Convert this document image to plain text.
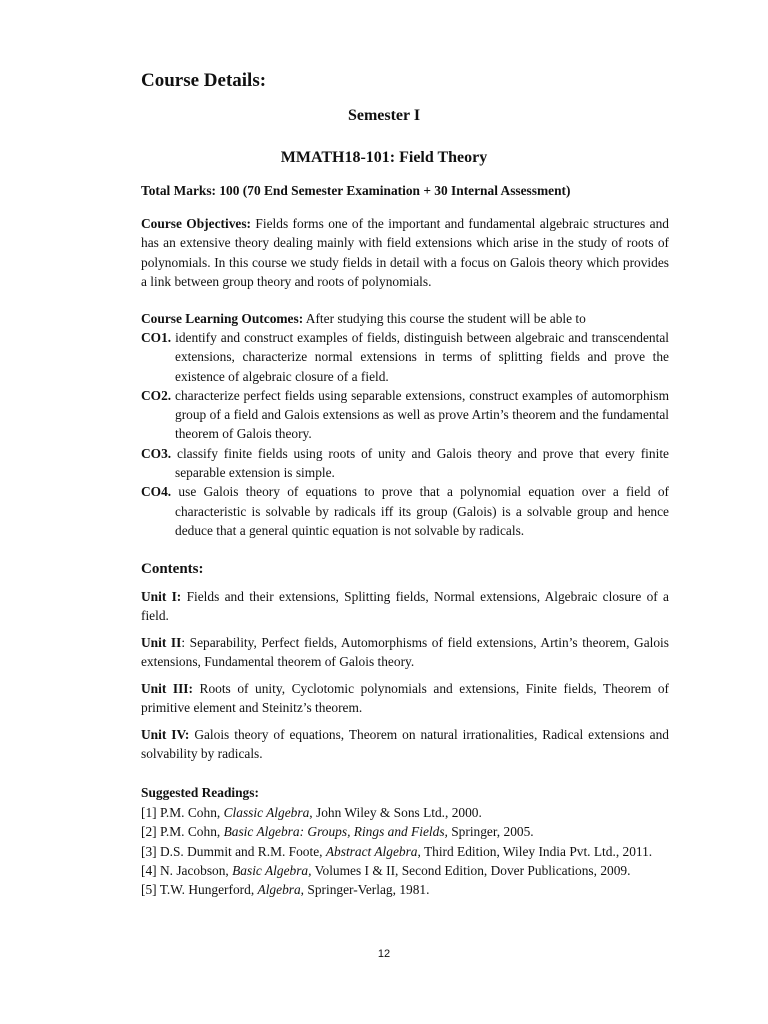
Course Details:
Semester I
MMATH18-101: Field Theory
Total Marks: 100 (70 End Semester Examination + 30 Internal Assessment)
Course Objectives: Fields forms one of the important and fundamental algebraic structures and has an extensive theory dealing mainly with field extensions which arise in the study of roots of polynomials. In this course we study fields in detail with a focus on Galois theory which provides a link between group theory and roots of polynomials.
Course Learning Outcomes: After studying this course the student will be able to
CO1. identify and construct examples of fields, distinguish between algebraic and transcendental extensions, characterize normal extensions in terms of splitting fields and prove the existence of algebraic closure of a field.
CO2. characterize perfect fields using separable extensions, construct examples of automorphism group of a field and Galois extensions as well as prove Artin’s theorem and the fundamental theorem of Galois theory.
CO3. classify finite fields using roots of unity and Galois theory and prove that every finite separable extension is simple.
CO4. use Galois theory of equations to prove that a polynomial equation over a field of characteristic is solvable by radicals iff its group (Galois) is a solvable group and hence deduce that a general quintic equation is not solvable by radicals.
Contents:
Unit I: Fields and their extensions, Splitting fields, Normal extensions, Algebraic closure of a field.
Unit II: Separability, Perfect fields, Automorphisms of field extensions, Artin’s theorem, Galois extensions, Fundamental theorem of Galois theory.
Unit III: Roots of unity, Cyclotomic polynomials and extensions, Finite fields, Theorem of primitive element and Steinitz’s theorem.
Unit IV: Galois theory of equations, Theorem on natural irrationalities, Radical extensions and solvability by radicals.
Suggested Readings:
[1] P.M. Cohn, Classic Algebra, John Wiley & Sons Ltd., 2000.
[2] P.M. Cohn, Basic Algebra: Groups, Rings and Fields, Springer, 2005.
[3] D.S. Dummit and R.M. Foote, Abstract Algebra, Third Edition, Wiley India Pvt. Ltd., 2011.
[4] N. Jacobson, Basic Algebra, Volumes I & II, Second Edition, Dover Publications, 2009.
[5] T.W. Hungerford, Algebra, Springer-Verlag, 1981.
12
